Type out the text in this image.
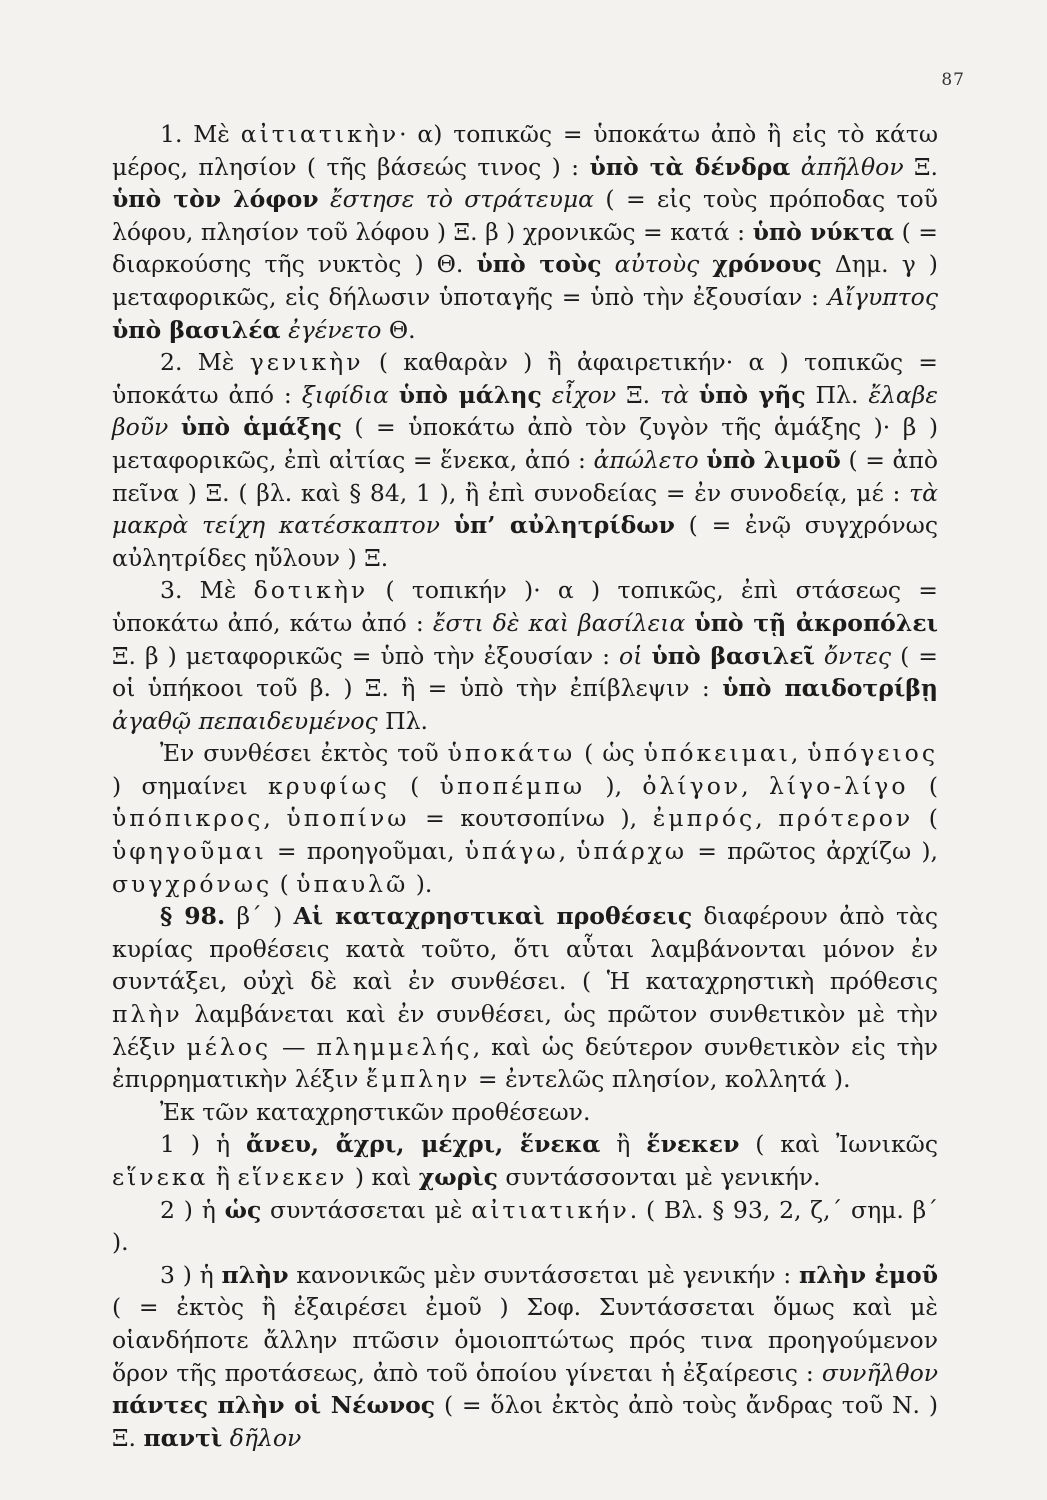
87

1. Μὲ αἰτιατικὴν· α) τοπικῶς = ὑποκάτω ἀπὸ ἢ εἰς τὸ κάτω μέρος, πλησίον ( τῆς βάσεώς τινος ) : ὑπὸ τὰ δένδρα ἀπῆλθον Ξ. ὑπὸ τὸν λόφον ἔστησε τὸ στράτευμα ( = εἰς τοὺς πρόποδας τοῦ λόφου, πλησίον τοῦ λόφου ) Ξ. β ) χρονικῶς = κατά : ὑπὸ νύκτα ( = διαρκούσης τῆς νυκτὸς ) Θ. ὑπὸ τοὺς αὐτοὺς χρόνους Δημ. γ ) μεταφορικῶς, εἰς δήλωσιν ὑποταγῆς = ὑπὸ τὴν ἐξουσίαν : Αἴγυπτος ὑπὸ βασιλέα ἐγένετο Θ.

2. Μὲ γενικὴν ( καθαρὰν ) ἢ ἀφαιρετικήν· α ) τοπικῶς = ὑποκάτω ἀπό : ξιφίδια ὑπὸ μάλης εἶχον Ξ. τὰ ὑπὸ γῆς Πλ. ἔλαβε βοῦν ὑπὸ ἁμάξης ( = ὑποκάτω ἀπὸ τὸν ζυγὸν τῆς ἁμάξης )· β ) μεταφορικῶς, ἐπὶ αἰτίας = ἕνεκα, ἀπό : ἀπώλετο ὑπὸ λιμοῦ ( = ἀπὸ πεῖνα ) Ξ. ( βλ. καὶ § 84, 1 ), ἢ ἐπὶ συνοδείας = ἐν συνοδείᾳ, μέ : τὰ μακρὰ τείχη κατέσκαπτον ὑπ’ αὐλητρίδων ( = ἐνῷ συγχρόνως αὐλητρίδες ηὔλουν ) Ξ.

3. Μὲ δοτικὴν ( τοπικήν )· α ) τοπικῶς, ἐπὶ στάσεως = ὑποκάτω ἀπό, κάτω ἀπό : ἔστι δὲ καὶ βασίλεια ὑπὸ τῇ ἀκροπόλει Ξ. β ) μεταφορικῶς = ὑπὸ τὴν ἐξουσίαν : οἱ ὑπὸ βασιλεῖ ὄντες ( = οἱ ὑπήκοοι τοῦ β. ) Ξ. ἢ = ὑπὸ τὴν ἐπίβλεψιν : ὑπὸ παιδοτρίβῃ ἀγαθῷ πεπαιδευμένος Πλ.

Ἐν συνθέσει ἐκτὸς τοῦ ὑποκάτω ( ὡς ὑπόκειμαι, ὑπόγειος ) σημαίνει κρυφίως ( ὑποπέμπω ), ὀλίγον, λίγο-λίγο ( ὑπόπικρος, ὑποπίνω = κουτσοπίνω ), ἐμπρός, πρότερον ( ὑφηγοῦμαι = προηγοῦμαι, ὑπάγω, ὑπάρχω = πρῶτος ἀρχίζω ), συγχρόνως ( ὑπαυλῶ ).

§ 98. β΄ ) Αἱ καταχρηστικαὶ προθέσεις διαφέρουν ἀπὸ τὰς κυρίας προθέσεις κατὰ τοῦτο, ὅτι αὗται λαμβάνονται μόνον ἐν συντάξει, οὐχὶ δὲ καὶ ἐν συνθέσει. ( Ἡ καταχρηστικὴ πρόθεσις πλὴν λαμβάνεται καὶ ἐν συνθέσει, ὡς πρῶτον συνθετικὸν μὲ τὴν λέξιν μέλος — πλημμελής, καὶ ὡς δεύτερον συνθετικὸν εἰς τὴν ἐπιρρηματικὴν λέξιν ἔμπλην = ἐντελῶς πλησίον, κολλητά ).

Ἐκ τῶν καταχρηστικῶν προθέσεων.

1 ) ἡ ἄνευ, ἄχρι, μέχρι, ἕνεκα ἢ ἕνεκεν ( καὶ Ἰωνικῶς εἵνεκα ἢ εἵνεκεν ) καὶ χωρὶς συντάσσονται μὲ γενικήν.

2 ) ἡ ὡς συντάσσεται μὲ αἰτιατικήν. ( Βλ. § 93, 2, ζ,΄ σημ. β΄ ).

3 ) ἡ πλὴν κανονικῶς μὲν συντάσσεται μὲ γενικήν : πλὴν ἐμοῦ ( = ἐκτὸς ἢ ἐξαιρέσει ἐμοῦ ) Σοφ. Συντάσσεται ὅμως καὶ μὲ οἱανδήποτε ἄλλην πτῶσιν ὁμοιοπτώτως πρός τινα προηγούμενον ὅρον τῆς προτάσεως, ἀπὸ τοῦ ὁποίου γίνεται ἡ ἐξαίρεσις : συνῆλθον πάντες πλὴν οἱ Νέωνος ( = ὅλοι ἐκτὸς ἀπὸ τοὺς ἄνδρας τοῦ Ν. ) Ξ. παντὶ δῆλον
